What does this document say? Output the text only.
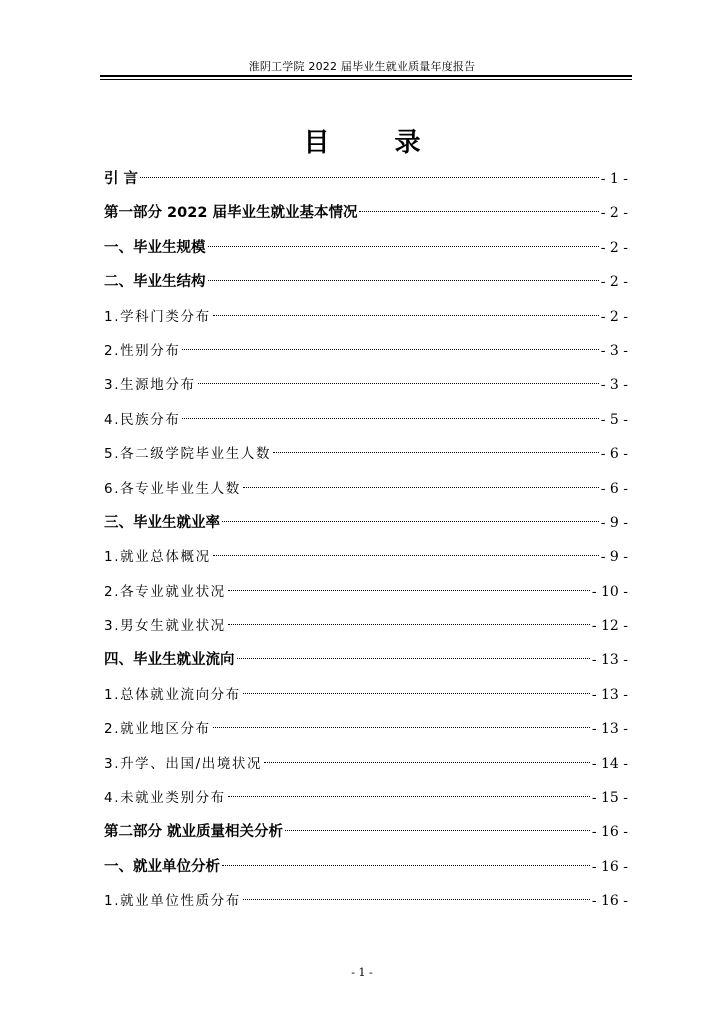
淮阴工学院 2022 届毕业生就业质量年度报告
目 录
引 言	- 1 -
第一部分 2022 届毕业生就业基本情况	- 2 -
一、毕业生规模	- 2 -
二、毕业生结构	- 2 -
1.学科门类分布	- 2 -
2.性别分布	- 3 -
3.生源地分布	- 3 -
4.民族分布	- 5 -
5.各二级学院毕业生人数	- 6 -
6.各专业毕业生人数	- 6 -
三、毕业生就业率	- 9 -
1.就业总体概况	- 9 -
2.各专业就业状况	- 10 -
3.男女生就业状况	- 12 -
四、毕业生就业流向	- 13 -
1.总体就业流向分布	- 13 -
2.就业地区分布	- 13 -
3.升学、出国/出境状况	- 14 -
4.未就业类别分布	- 15 -
第二部分 就业质量相关分析	- 16 -
一、就业单位分析	- 16 -
1.就业单位性质分布	- 16 -
- 1 -
